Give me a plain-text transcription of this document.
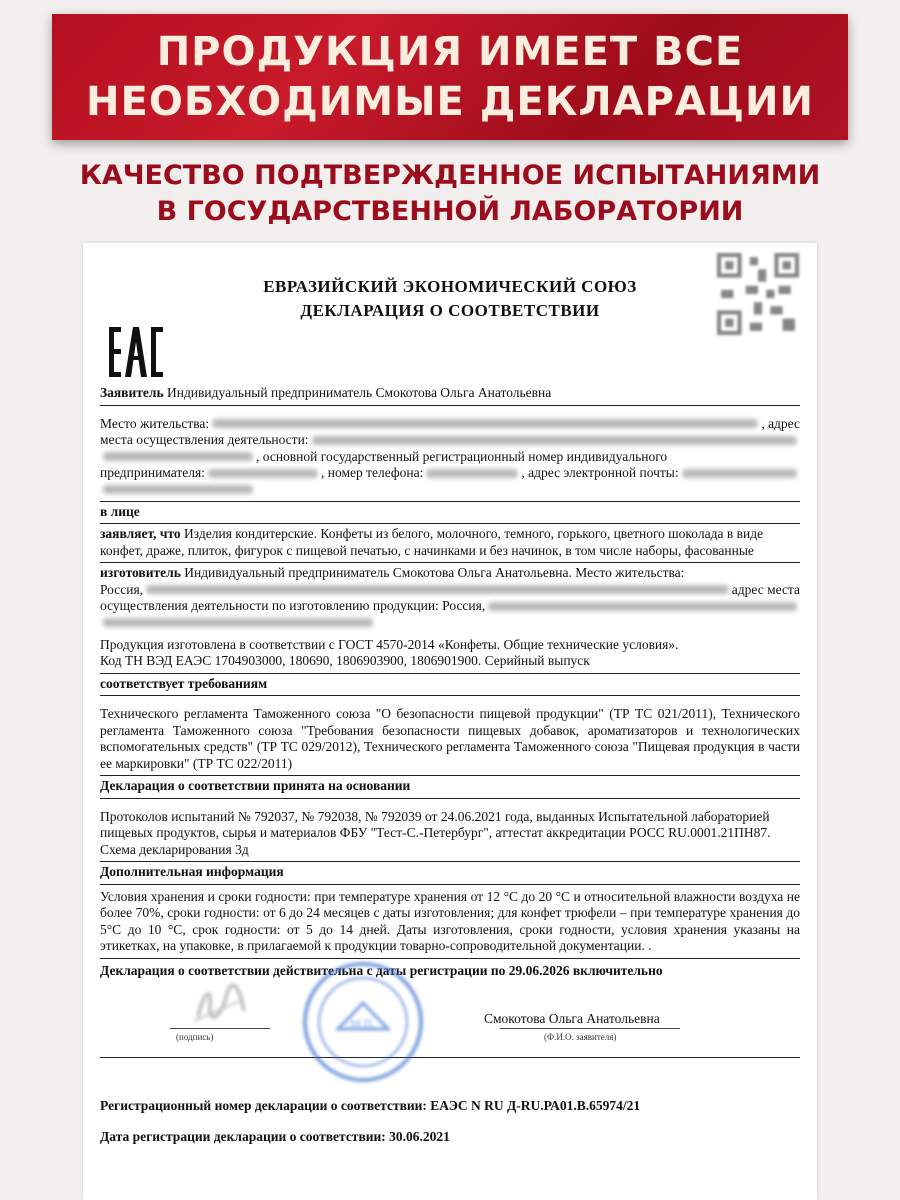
ПРОДУКЦИЯ ИМЕЕТ ВСЕ
НЕОБХОДИМЫЕ ДЕКЛАРАЦИИ
КАЧЕСТВО ПОДТВЕРЖДЕННОЕ ИСПЫТАНИЯМИ
В ГОСУДАРСТВЕННОЙ ЛАБОРАТОРИИ
ЕВРАЗИЙСКИЙ ЭКОНОМИЧЕСКИЙ СОЮЗ
ДЕКЛАРАЦИЯ О СООТВЕТСТВИИ
Заявитель Индивидуальный предприниматель Смокотова Ольга Анатольевна
Место жительства:	, адрес
места осуществления деятельности:
, основной государственный регистрационный номер индивидуального
предпринимателя:	, номер телефона:	, адрес электронной почты:
в лице
заявляет, что Изделия кондитерские. Конфеты из белого, молочного, темного, горького, цветного шоколада в виде конфет, драже, плиток, фигурок с пищевой печатью, с начинками и без начинок, в том числе наборы, фасованные
изготовитель Индивидуальный предприниматель Смокотова Ольга Анатольевна. Место жительства:
Россия,	адрес места
осуществления деятельности по изготовлению продукции: Россия,
Продукция изготовлена в соответствии с ГОСТ 4570-2014 «Конфеты. Общие технические условия».
Код ТН ВЭД ЕАЭС 1704903000, 180690, 1806903900, 1806901900. Серийный выпуск
соответствует требованиям
Технического регламента Таможенного союза "О безопасности пищевой продукции" (ТР ТС 021/2011), Технического регламента Таможенного союза "Требования безопасности пищевых добавок, ароматизаторов и технологических вспомогательных средств" (ТР ТС 029/2012), Технического регламента Таможенного союза "Пищевая продукция в части ее маркировки" (ТР ТС 022/2011)
Декларация о соответствии принята на основании
Протоколов испытаний № 792037, № 792038, № 792039 от 24.06.2021 года, выданных Испытательной лабораторией пищевых продуктов, сырья и материалов ФБУ "Тест-С.-Петербург", аттестат аккредитации РОСС RU.0001.21ПН87.
Схема декларирования 3д
Дополнительная информация
Условия хранения и сроки годности: при температуре хранения от 12 °С до 20 °С и относительной влажности воздуха не более 70%, сроки годности: от 6 до 24 месяцев с даты изготовления; для конфет трюфели – при температуре хранения до 5°С до 10 °С, срок годности: от 5 до 14 дней. Даты изготовления, сроки годности, условия хранения указаны на этикетках, на упаковке, в прилагаемой к продукции товарно-сопроводительной документации. .
Декларация о соответствии действительна с даты регистрации по 29.06.2026 включительно
М.П.	Смокотова Ольга Анатольевна
(подпись)	(Ф.И.О. заявителя)
Регистрационный номер декларации о соответствии: ЕАЭС N RU Д-RU.РА01.В.65974/21
Дата регистрации декларации о соответствии: 30.06.2021
